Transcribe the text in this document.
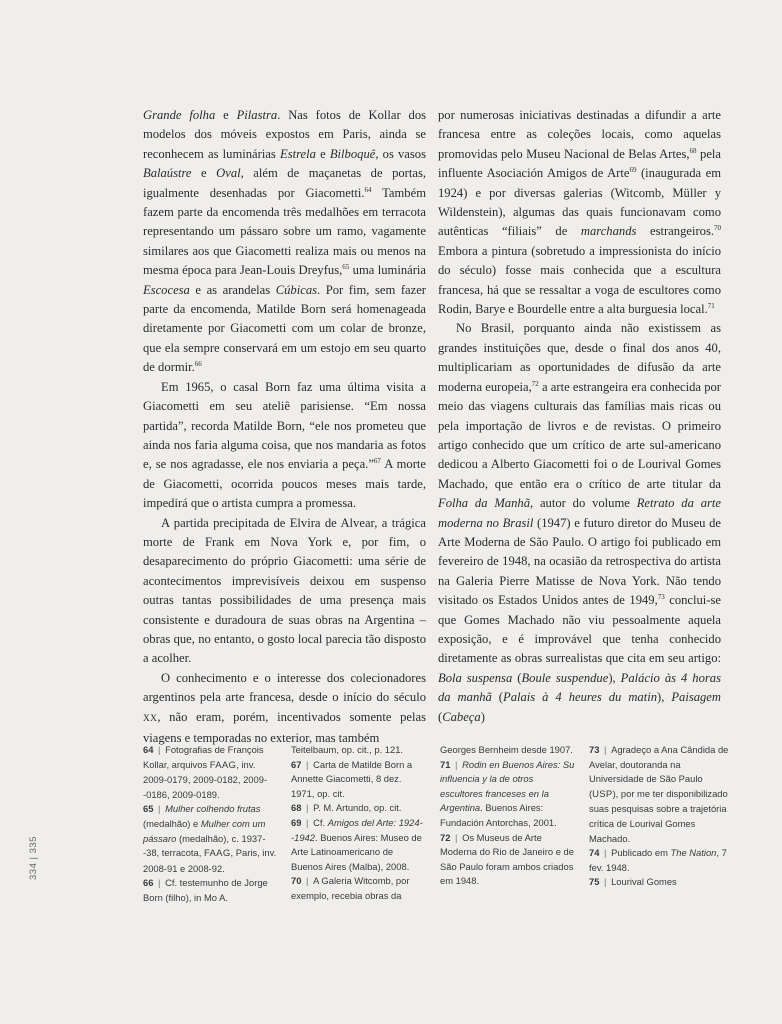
Grande folha e Pilastra. Nas fotos de Kollar dos modelos dos móveis expostos em Paris, ainda se reconhecem as luminárias Estrela e Bilboquê, os vasos Balaústre e Oval, além de maçanetas de portas, igualmente desenhadas por Giacometti.$^{64}$ Também fazem parte da encomenda três medalhões em terracota representando um pássaro sobre um ramo, vagamente similares aos que Giacometti realiza mais ou menos na mesma época para Jean-Louis Dreyfus,$^{65}$ uma luminária Escocesa e as arandelas Cúbicas. Por fim, sem fazer parte da encomenda, Matilde Born será homenageada diretamente por Giacometti com um colar de bronze, que ela sempre conservará em um estojo em seu quarto de dormir.$^{66}$

Em 1965, o casal Born faz uma última visita a Giacometti em seu ateliê parisiense. “Em nossa partida”, recorda Matilde Born, “ele nos prometeu que ainda nos faria alguma coisa, que nos mandaria as fotos e, se nos agradasse, ele nos enviaria a peça.”$^{67}$ A morte de Giacometti, ocorrida poucos meses mais tarde, impedirá que o artista cumpra a promessa.

A partida precipitada de Elvira de Alvear, a trágica morte de Frank em Nova York e, por fim, o desaparecimento do próprio Giacometti: uma série de acontecimentos imprevisíveis deixou em suspenso outras tantas possibilidades de uma presença mais consistente e duradoura de suas obras na Argentina – obras que, no entanto, o gosto local parecia tão disposto a acolher.

O conhecimento e o interesse dos colecionadores argentinos pela arte francesa, desde o início do século XX, não eram, porém, incentivados somente pelas viagens e temporadas no exterior, mas também

por numerosas iniciativas destinadas a difundir a arte francesa entre as coleções locais, como aquelas promovidas pelo Museu Nacional de Belas Artes,$^{68}$ pela influente Asociación Amigos de Arte$^{69}$ (inaugurada em 1924) e por diversas galerias (Witcomb, Müller y Wildenstein), algumas das quais funcionavam como autênticas “filiais” de marchands estrangeiros.$^{70}$ Embora a pintura (sobretudo a impressionista do início do século) fosse mais conhecida que a escultura francesa, há que se ressaltar a voga de escultores como Rodin, Barye e Bourdelle entre a alta burguesia local.$^{71}$

No Brasil, porquanto ainda não existissem as grandes instituições que, desde o final dos anos 40, multiplicariam as oportunidades de difusão da arte moderna europeia,$^{72}$ a arte estrangeira era conhecida por meio das viagens culturais das famílias mais ricas ou pela importação de livros e de revistas. O primeiro artigo conhecido que um crítico de arte sul-americano dedicou a Alberto Giacometti foi o de Lourival Gomes Machado, que então era o crítico de arte titular da Folha da Manhã, autor do volume Retrato da arte moderna no Brasil (1947) e futuro diretor do Museu de Arte Moderna de São Paulo. O artigo foi publicado em fevereiro de 1948, na ocasião da retrospectiva do artista na Galeria Pierre Matisse de Nova York. Não tendo visitado os Estados Unidos antes de 1949,73 conclui-se que Gomes Machado não viu pessoalmente aquela exposição, e é improvável que tenha conhecido diretamente as obras surrealistas que cita em seu artigo: Bola suspensa (Boule suspendue), Palácio às 4 horas da manhã (Palais à 4 heures du matin), Paisagem (Cabeça)

64 | Fotografias de François Kollar, arquivos FAAG, inv. 2009-0179, 2009-0182, 2009--0186, 2009-0189.

65 | Mulher colhendo frutas (medalhão) e Mulher com um pássaro (medalhão), c. 1937--38, terracota, FAAG, Paris, inv. 2008-91 e 2008-92.

66 | Cf. testemunho de Jorge Born (filho), in Mo A.

Teitelbaum, op. cit., p. 121.

67 | Carta de Matilde Born a Annette Giacometti, 8 dez. 1971, op. cit.

68 | P. M. Artundo, op. cit.

69 | Cf. Amigos del Arte: 1924--1942. Buenos Aires: Museo de Arte Latinoamericano de Buenos Aires (Malba), 2008.

70 | A Galeria Witcomb, por exemplo, recebia obras da

Georges Bernheim desde 1907.

71 | Rodin en Buenos Aires: Su influencia y la de otros escultores franceses en la Argentina. Buenos Aires: Fundación Antorchas, 2001.

72 | Os Museus de Arte Moderna do Rio de Janeiro e de São Paulo foram ambos criados em 1948.

73 | Agradeço a Ana Cândida de Avelar, doutoranda na Universidade de São Paulo (USP), por me ter disponibilizado suas pesquisas sobre a trajetória crítica de Lourival Gomes Machado.

74 | Publicado em The Nation, 7 fev. 1948.

75 | Lourival Gomes

334 | 335
